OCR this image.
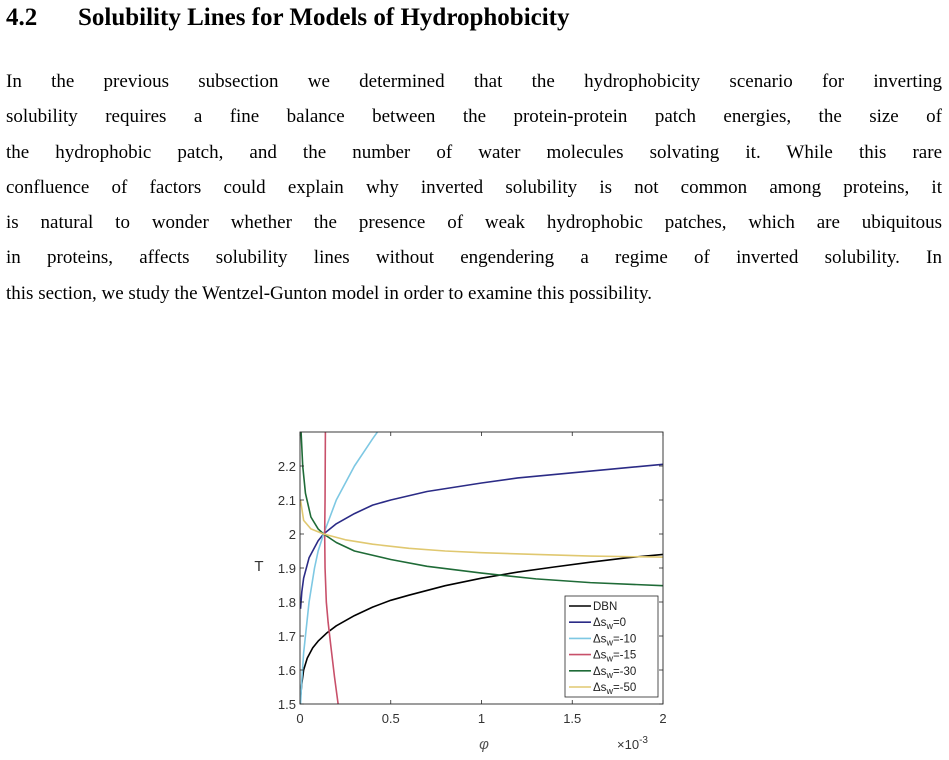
4.2 Solubility Lines for Models of Hydrophobicity
In the previous subsection we determined that the hydrophobicity scenario for inverting
solubility requires a fine balance between the protein-protein patch energies, the size of
the hydrophobic patch, and the number of water molecules solvating it. While this rare
confluence of factors could explain why inverted solubility is not common among proteins, it
is natural to wonder whether the presence of weak hydrophobic patches, which are ubiquitous
in proteins, affects solubility lines without engendering a regime of inverted solubility. In
this section, we study the Wentzel-Gunton model in order to examine this possibility.
0	0.5	1	1.5	2
1.5
1.6
1.7
1.8
1.9
2
2.1
2.2
φ
T
$\times 10^{-3}$
DBN
$\Delta s_w=0$
$\Delta s_w=-10$
$\Delta s_w=-15$
$\Delta s_w=-30$
$\Delta s_w=-50$
